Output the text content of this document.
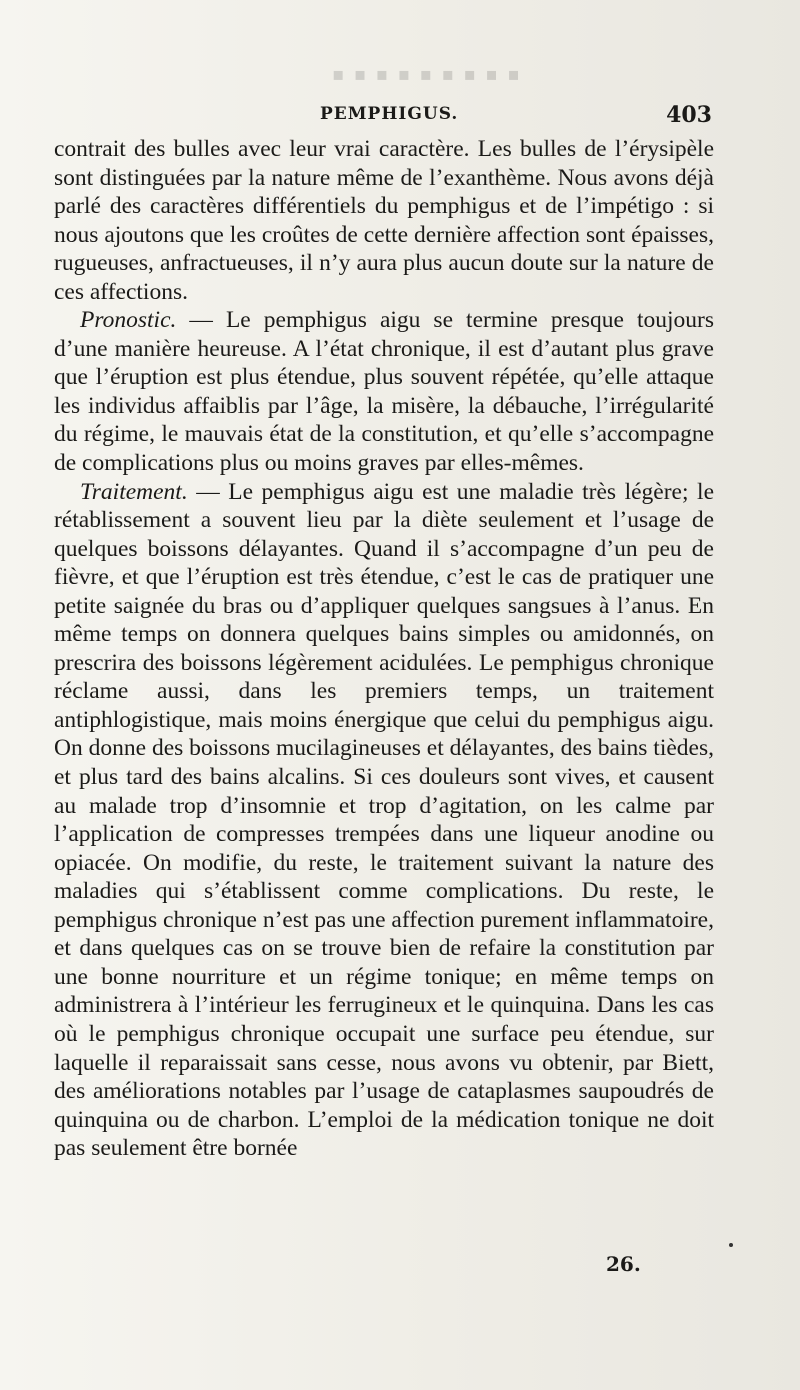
▪ ▪ ▪ ▪ ▪ ▪ ▪ ▪ ▪
PEMPHIGUS.	403

contrait des bulles avec leur vrai caractère. Les bulles de l’érysipèle sont distinguées par la nature même de l’exanthème. Nous avons déjà parlé des caractères différentiels du pemphigus et de l’impétigo : si nous ajoutons que les croûtes de cette dernière affection sont épaisses, rugueuses, anfractueuses, il n’y aura plus aucun doute sur la nature de ces affections.

Pronostic. — Le pemphigus aigu se termine presque toujours d’une manière heureuse. A l’état chronique, il est d’autant plus grave que l’éruption est plus étendue, plus souvent répétée, qu’elle attaque les individus affaiblis par l’âge, la misère, la débauche, l’irrégularité du régime, le mauvais état de la constitution, et qu’elle s’accompagne de complications plus ou moins graves par elles-mêmes.

Traitement. — Le pemphigus aigu est une maladie très légère; le rétablissement a souvent lieu par la diète seulement et l’usage de quelques boissons délayantes. Quand il s’accompagne d’un peu de fièvre, et que l’éruption est très étendue, c’est le cas de pratiquer une petite saignée du bras ou d’appliquer quelques sangsues à l’anus. En même temps on donnera quelques bains simples ou amidonnés, on prescrira des boissons légèrement acidulées. Le pemphigus chronique réclame aussi, dans les premiers temps, un traitement antiphlogistique, mais moins énergique que celui du pemphigus aigu. On donne des boissons mucilagineuses et délayantes, des bains tièdes, et plus tard des bains alcalins. Si ces douleurs sont vives, et causent au malade trop d’insomnie et trop d’agitation, on les calme par l’application de compresses trempées dans une liqueur anodine ou opiacée. On modifie, du reste, le traitement suivant la nature des maladies qui s’établissent comme complications. Du reste, le pemphigus chronique n’est pas une affection purement inflammatoire, et dans quelques cas on se trouve bien de refaire la constitution par une bonne nourriture et un régime tonique; en même temps on administrera à l’intérieur les ferrugineux et le quinquina. Dans les cas où le pemphigus chronique occupait une surface peu étendue, sur laquelle il reparaissait sans cesse, nous avons vu obtenir, par Biett, des améliorations notables par l’usage de cataplasmes saupoudrés de quinquina ou de charbon. L’emploi de la médication tonique ne doit pas seulement être bornée

26.
